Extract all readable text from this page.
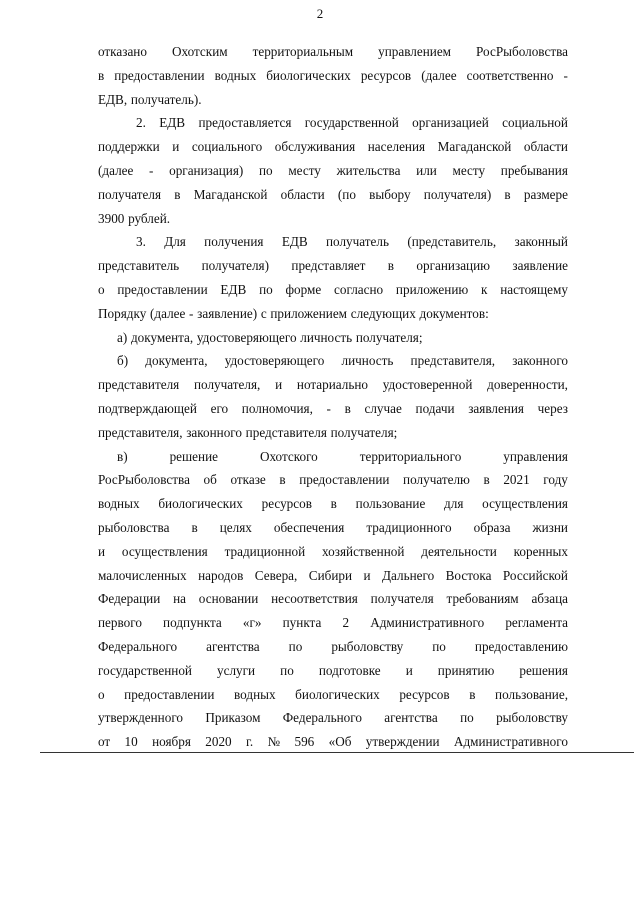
2
отказано Охотским территориальным управлением РосРыболовства
в предоставлении водных биологических ресурсов (далее соответственно -
ЕДВ, получатель).
2. ЕДВ предоставляется государственной организацией социальной
поддержки и социального обслуживания населения Магаданской области
(далее - организация) по месту жительства или месту пребывания
получателя в Магаданской области (по выбору получателя) в размере
3900 рублей.
3. Для получения ЕДВ получатель (представитель, законный
представитель получателя) представляет в организацию заявление
о предоставлении ЕДВ по форме согласно приложению к настоящему
Порядку (далее - заявление) с приложением следующих документов:
а) документа, удостоверяющего личность получателя;
б) документа, удостоверяющего личность представителя, законного
представителя получателя, и нотариально удостоверенной доверенности,
подтверждающей его полномочия, - в случае подачи заявления через
представителя, законного представителя получателя;
в)	решение	Охотского	территориального	управления
РосРыболовства об отказе в предоставлении получателю в 2021 году
водных биологических ресурсов в пользование для осуществления
рыболовства в целях обеспечения традиционного образа жизни
и осуществления традиционной хозяйственной деятельности коренных
малочисленных народов Севера, Сибири и Дальнего Востока Российской
Федерации на основании несоответствия получателя требованиям абзаца
первого подпункта «г» пункта 2 Административного регламента
Федерального агентства по рыболовству по предоставлению
государственной услуги по подготовке и принятию решения
о предоставлении водных биологических ресурсов в пользование,
утвержденного Приказом Федерального агентства по рыболовству
от 10 ноября 2020 г. № 596 «Об утверждении Административного
